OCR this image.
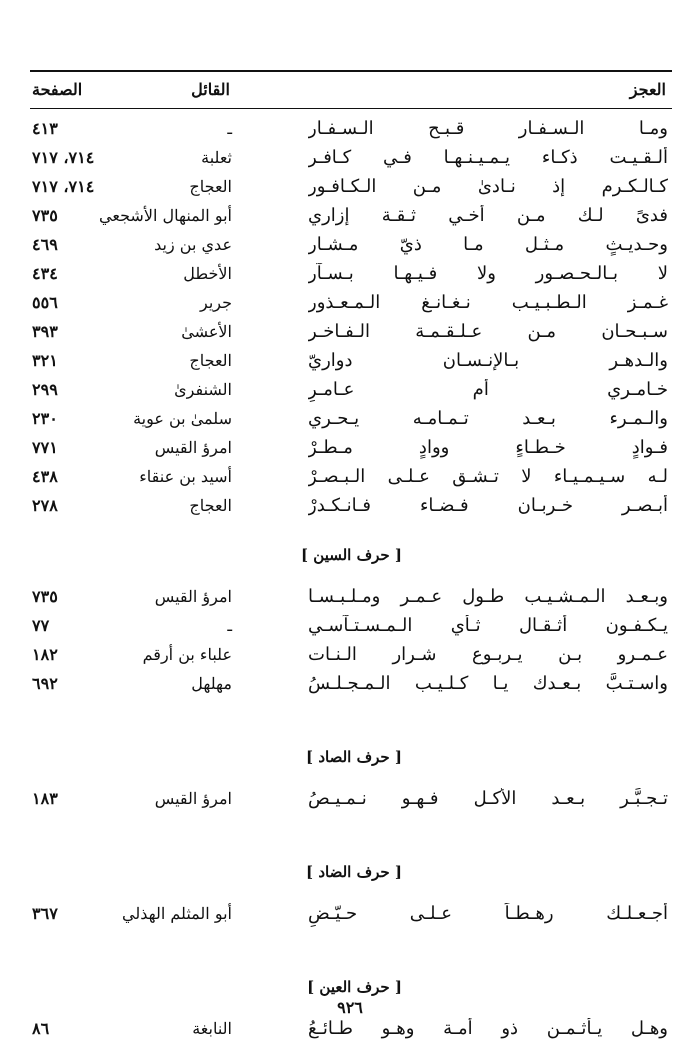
العجز
القائل
الصفحة
ومـا الـسـفـار قـبـح الـسـفـار
ـ
٤١٣
ألـقـيـت ذكـاء يـمـيـنـهـا فـي كـافـر
ثعلبة
٧١٤، ٧١٧
كـالـكـرم إذ نـادىٰ مـن الـكـافـور
العجاج
٧١٤، ٧١٧
فدىً لـك مـن أخـي ثـقـة إزاري
أبو المنهال الأشجعي
٧٣٥
وحـديـثٍ مـثـل مـا ذيّ مـشـار
عدي بن زيد
٤٦٩
لا بـالـحـصـور ولا فـيـهـا بـسـآر
الأخطل
٤٣٤
غـمـز الـطـبـيـب نـغـانـغ الـمـعـذور
جرير
٥٥٦
سـبـحـان مـن عـلـقـمـة الـفـاخـر
الأعشىٰ
٣٩٣
والـدهـر بـالإنـسـان دواريّ
العجاج
٣٢١
خـامـري أم عـامـرِ
الشنفرىٰ
٢٩٩
والـمـرء بـعـد تـمـامـه يـحـري
سلمىٰ بن عوية
٢٣٠
فـوادٍ خـطـاءٍ ووادٍ مـطـرْ
امرؤ القيس
٧٧١
لـه سـيـمـيـاء لا تـشـق عـلـى الـبـصـرْ
أسيد بن عنقاء
٤٣٨
أبـصـر خـربـان فـضـاء فـانـكـدرْ
العجاج
٢٧٨
[ حرف السين ]
وبـعـد الـمـشـيـب طـول عـمـر ومـلـبـسـا
امرؤ القيس
٧٣٥
يـكـفـون أثـقـال ثـأي الـمـسـتـآسـي
ـ
٧٧
عـمـرو بـن يـربـوع شـرار الـنـات
علباء بن أرقم
١٨٢
واسـتـبَّ بـعـدك يـا كـلـيـب الـمـجـلـسُ
مهلهل
٦٩٢
[ حرف الصاد ]
تـجـبَّـر بـعـد الأكـل فـهـو نـمـيـصُ
امرؤ القيس
١٨٣
[ حرف الضاد ]
أجـعـلـك رهـطـاً عـلـى حـيّـضِ
أبو المثلم الهذلي
٣٦٧
[ حرف العين ]
وهـل يـأثـمـن ذو أمـة وهـو طـائـعُ
النابغة
٨٦
٩٢٦
